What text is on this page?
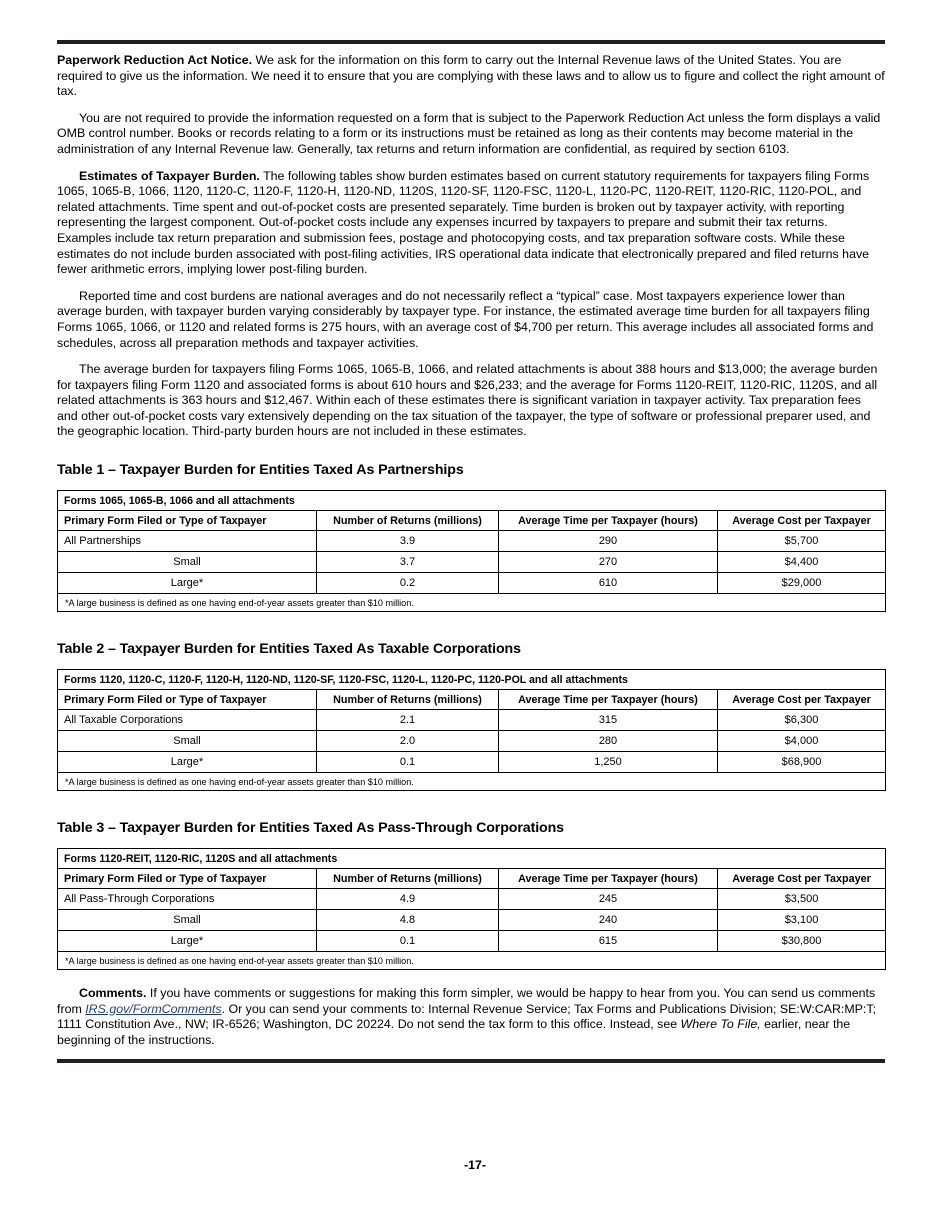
Paperwork Reduction Act Notice. We ask for the information on this form to carry out the Internal Revenue laws of the United States. You are required to give us the information. We need it to ensure that you are complying with these laws and to allow us to figure and collect the right amount of tax.

You are not required to provide the information requested on a form that is subject to the Paperwork Reduction Act unless the form displays a valid OMB control number. Books or records relating to a form or its instructions must be retained as long as their contents may become material in the administration of any Internal Revenue law. Generally, tax returns and return information are confidential, as required by section 6103.

Estimates of Taxpayer Burden. The following tables show burden estimates based on current statutory requirements for taxpayers filing Forms 1065, 1065-B, 1066, 1120, 1120-C, 1120-F, 1120-H, 1120-ND, 1120S, 1120-SF, 1120-FSC, 1120-L, 1120-PC, 1120-REIT, 1120-RIC, 1120-POL, and related attachments. Time spent and out-of-pocket costs are presented separately. Time burden is broken out by taxpayer activity, with reporting representing the largest component. Out-of-pocket costs include any expenses incurred by taxpayers to prepare and submit their tax returns. Examples include tax return preparation and submission fees, postage and photocopying costs, and tax preparation software costs. While these estimates do not include burden associated with post-filing activities, IRS operational data indicate that electronically prepared and filed returns have fewer arithmetic errors, implying lower post-filing burden.

Reported time and cost burdens are national averages and do not necessarily reflect a “typical” case. Most taxpayers experience lower than average burden, with taxpayer burden varying considerably by taxpayer type. For instance, the estimated average time burden for all taxpayers filing Forms 1065, 1066, or 1120 and related forms is 275 hours, with an average cost of $4,700 per return. This average includes all associated forms and schedules, across all preparation methods and taxpayer activities.

The average burden for taxpayers filing Forms 1065, 1065-B, 1066, and related attachments is about 388 hours and $13,000; the average burden for taxpayers filing Form 1120 and associated forms is about 610 hours and $26,233; and the average for Forms 1120-REIT, 1120-RIC, 1120S, and all related attachments is 363 hours and $12,467. Within each of these estimates there is significant variation in taxpayer activity. Tax preparation fees and other out-of-pocket costs vary extensively depending on the tax situation of the taxpayer, the type of software or professional preparer used, and the geographic location. Third-party burden hours are not included in these estimates.

Table 1 – Taxpayer Burden for Entities Taxed As Partnerships
Forms 1065, 1065-B, 1066 and all attachments			
Primary Form Filed or Type of Taxpayer	Number of Returns (millions)	Average Time per Taxpayer (hours)	Average Cost per Taxpayer
All Partnerships	3.9	290	$5,700
Small	3.7	270	$4,400
Large*	0.2	610	$29,000
*A large business is defined as one having end-of-year assets greater than $10 million.			
Table 2 – Taxpayer Burden for Entities Taxed As Taxable Corporations
Forms 1120, 1120-C, 1120-F, 1120-H, 1120-ND, 1120-SF, 1120-FSC, 1120-L, 1120-PC, 1120-POL and all attachments			
Primary Form Filed or Type of Taxpayer	Number of Returns (millions)	Average Time per Taxpayer (hours)	Average Cost per Taxpayer
All Taxable Corporations	2.1	315	$6,300
Small	2.0	280	$4,000
Large*	0.1	1,250	$68,900
*A large business is defined as one having end-of-year assets greater than $10 million.			
Table 3 – Taxpayer Burden for Entities Taxed As Pass-Through Corporations
Forms 1120-REIT, 1120-RIC, 1120S and all attachments			
Primary Form Filed or Type of Taxpayer	Number of Returns (millions)	Average Time per Taxpayer (hours)	Average Cost per Taxpayer
All Pass-Through Corporations	4.9	245	$3,500
Small	4.8	240	$3,100
Large*	0.1	615	$30,800
*A large business is defined as one having end-of-year assets greater than $10 million.			

Comments. If you have comments or suggestions for making this form simpler, we would be happy to hear from you. You can send us comments from IRS.gov/FormComments. Or you can send your comments to: Internal Revenue Service; Tax Forms and Publications Division; SE:W:CAR:MP:T; 1111 Constitution Ave., NW; IR-6526; Washington, DC 20224. Do not send the tax form to this office. Instead, see Where To File, earlier, near the beginning of the instructions.

-17-
